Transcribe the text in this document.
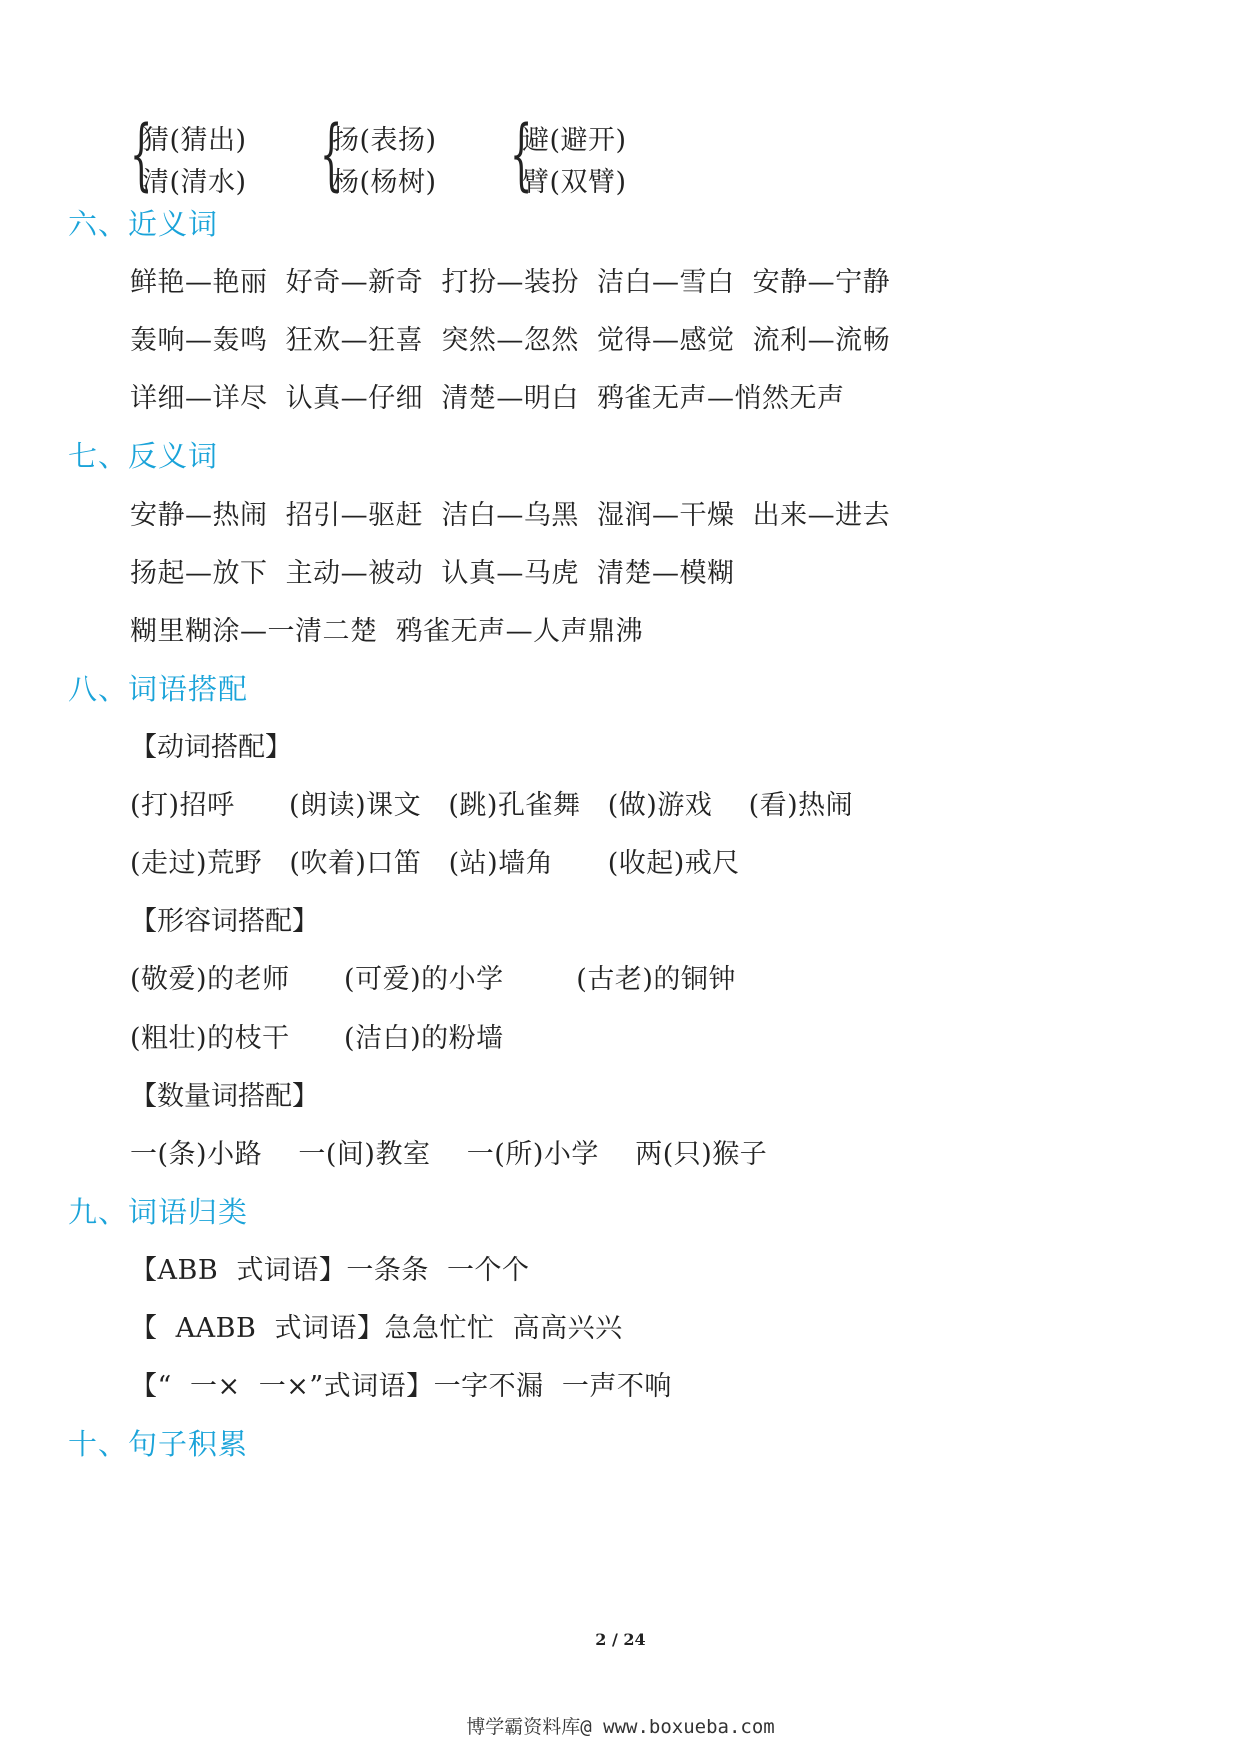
{
猜(猜出)
清(清水) {
扬(表扬)
杨(杨树) {
避(避开)
臂(双臂)
六、近义词
鲜艳—艳丽  好奇—新奇  打扮—装扮  洁白—雪白  安静—宁静
轰响—轰鸣  狂欢—狂喜  突然—忽然  觉得—感觉  流利—流畅
详细—详尽  认真—仔细  清楚—明白  鸦雀无声—悄然无声
七、反义词
安静—热闹  招引—驱赶  洁白—乌黑  湿润—干燥  出来—进去
扬起—放下  主动—被动  认真—马虎  清楚—模糊
糊里糊涂—一清二楚  鸦雀无声—人声鼎沸
八、词语搭配
【动词搭配】
(打)招呼      (朗读)课文   (跳)孔雀舞   (做)游戏    (看)热闹
(走过)荒野   (吹着)口笛   (站)墙角      (收起)戒尺
【形容词搭配】
(敬爱)的老师      (可爱)的小学        (古老)的铜钟
(粗壮)的枝干      (洁白)的粉墙
【数量词搭配】
一(条)小路    一(间)教室    一(所)小学    两(只)猴子
九、词语归类
【ABB  式词语】一条条  一个个
【  AABB  式词语】急急忙忙  高高兴兴
【“  一×  一×”式词语】一字不漏  一声不响
十、句子积累
2 / 24
博学霸资料库@ www.boxueba.com
